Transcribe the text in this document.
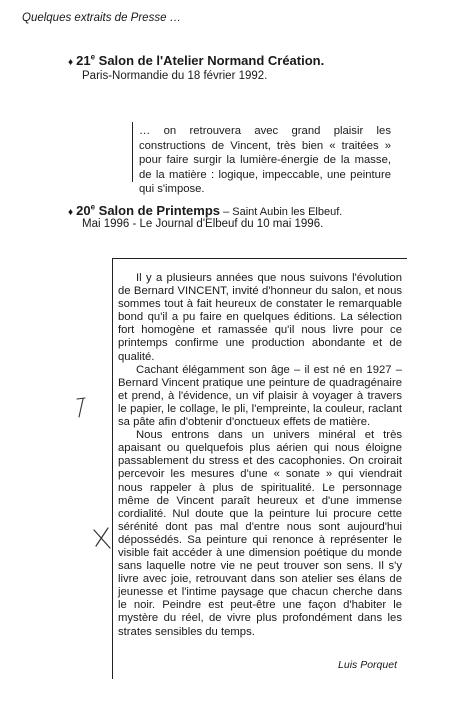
Quelques extraits de Presse …
♦ 21e Salon de l'Atelier Normand Création.
Paris-Normandie du 18 février 1992.
… on retrouvera avec grand plaisir les constructions de Vincent, très bien « traitées » pour faire surgir la lumière-énergie de la masse, de la matière : logique, impeccable, une peinture qui s'impose.
♦ 20e Salon de Printemps – Saint Aubin les Elbeuf.
Mai 1996 - Le Journal d'Elbeuf du 10 mai 1996.

Il y a plusieurs années que nous suivons l'évolution de Bernard VINCENT, invité d'honneur du salon, et nous sommes tout à fait heureux de constater le remarquable bond qu'il a pu faire en quelques éditions. La sélection fort homogène et ramassée qu'il nous livre pour ce printemps confirme une production abondante et de qualité.

Cachant élégamment son âge – il est né en 1927 – Bernard Vincent pratique une peinture de quadragénaire et prend, à l'évidence, un vif plaisir à voyager à travers le papier, le collage, le pli, l'empreinte, la couleur, raclant sa pâte afin d'obtenir d'onctueux effets de matière.

Nous entrons dans un univers minéral et très apaisant ou quelquefois plus aérien qui nous éloigne passablement du stress et des cacophonies. On croirait percevoir les mesures d'une « sonate » qui viendrait nous rappeler à plus de spiritualité. Le personnage même de Vincent paraît heureux et d'une immense cordialité. Nul doute que la peinture lui procure cette sérénité dont pas mal d'entre nous sont aujourd'hui dépossédés. Sa peinture qui renonce à représenter le visible fait accéder à une dimension poétique du monde sans laquelle notre vie ne peut trouver son sens. Il s'y livre avec joie, retrouvant dans son atelier ses élans de jeunesse et l'intime paysage que chacun cherche dans le noir. Peindre est peut-être une façon d'habiter le mystère du réel, de vivre plus profondément dans les strates sensibles du temps.

Luis Porquet
